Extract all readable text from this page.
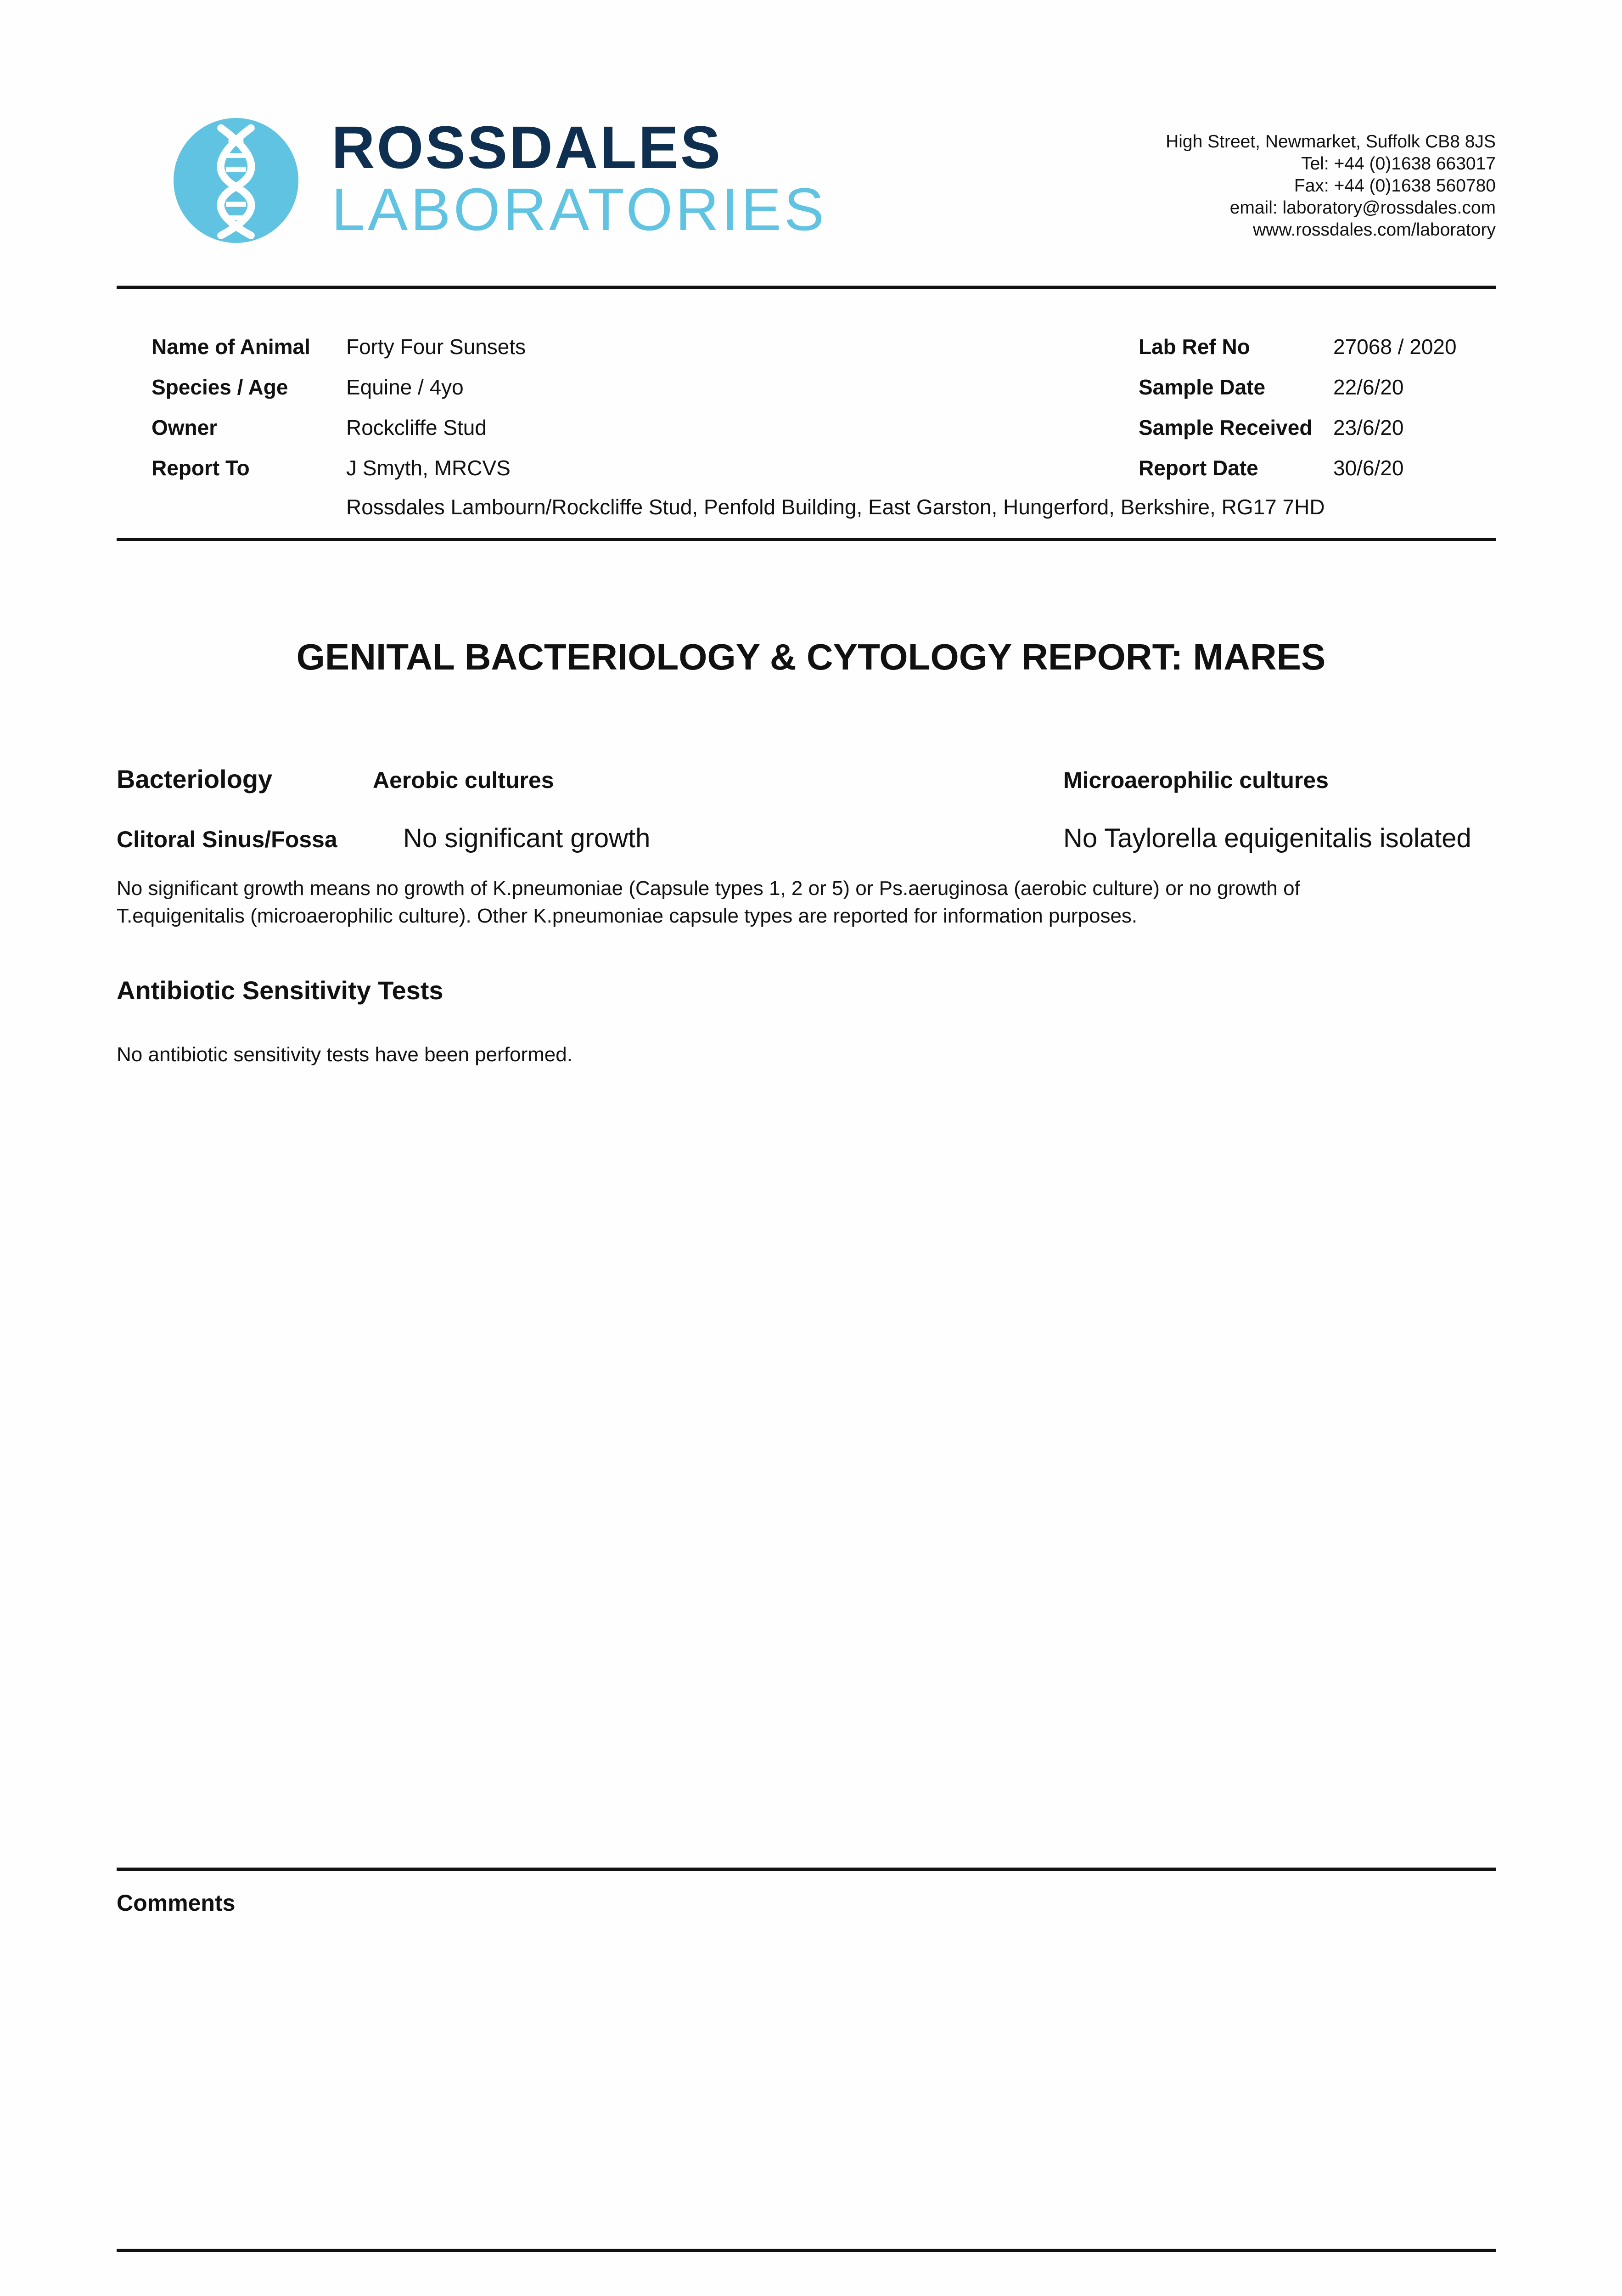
ROSSDALES
LABORATORIES
High Street, Newmarket, Suffolk CB8 8JS
Tel: +44 (0)1638 663017
Fax: +44 (0)1638 560780
email: laboratory@rossdales.com
www.rossdales.com/laboratory
Name of Animal Forty Four Sunsets
Species / Age	Equine / 4yo
Owner	Rockcliffe Stud
Report To	J Smyth, MRCVS
Rossdales Lambourn/Rockcliffe Stud, Penfold Building, East Garston, Hungerford, Berkshire, RG17 7HD
Lab Ref No	27068 / 2020
Sample Date	22/6/20
Sample Received 23/6/20
Report Date	30/6/20
GENITAL BACTERIOLOGY & CYTOLOGY REPORT: MARES
Bacteriology	Aerobic cultures	Microaerophilic cultures
Clitoral Sinus/Fossa No significant growth	No Taylorella equigenitalis isolated
No significant growth means no growth of K.pneumoniae (Capsule types 1, 2 or 5) or Ps.aeruginosa (aerobic culture) or no growth of
T.equigenitalis (microaerophilic culture). Other K.pneumoniae capsule types are reported for information purposes.
Antibiotic Sensitivity Tests
No antibiotic sensitivity tests have been performed.
Comments
